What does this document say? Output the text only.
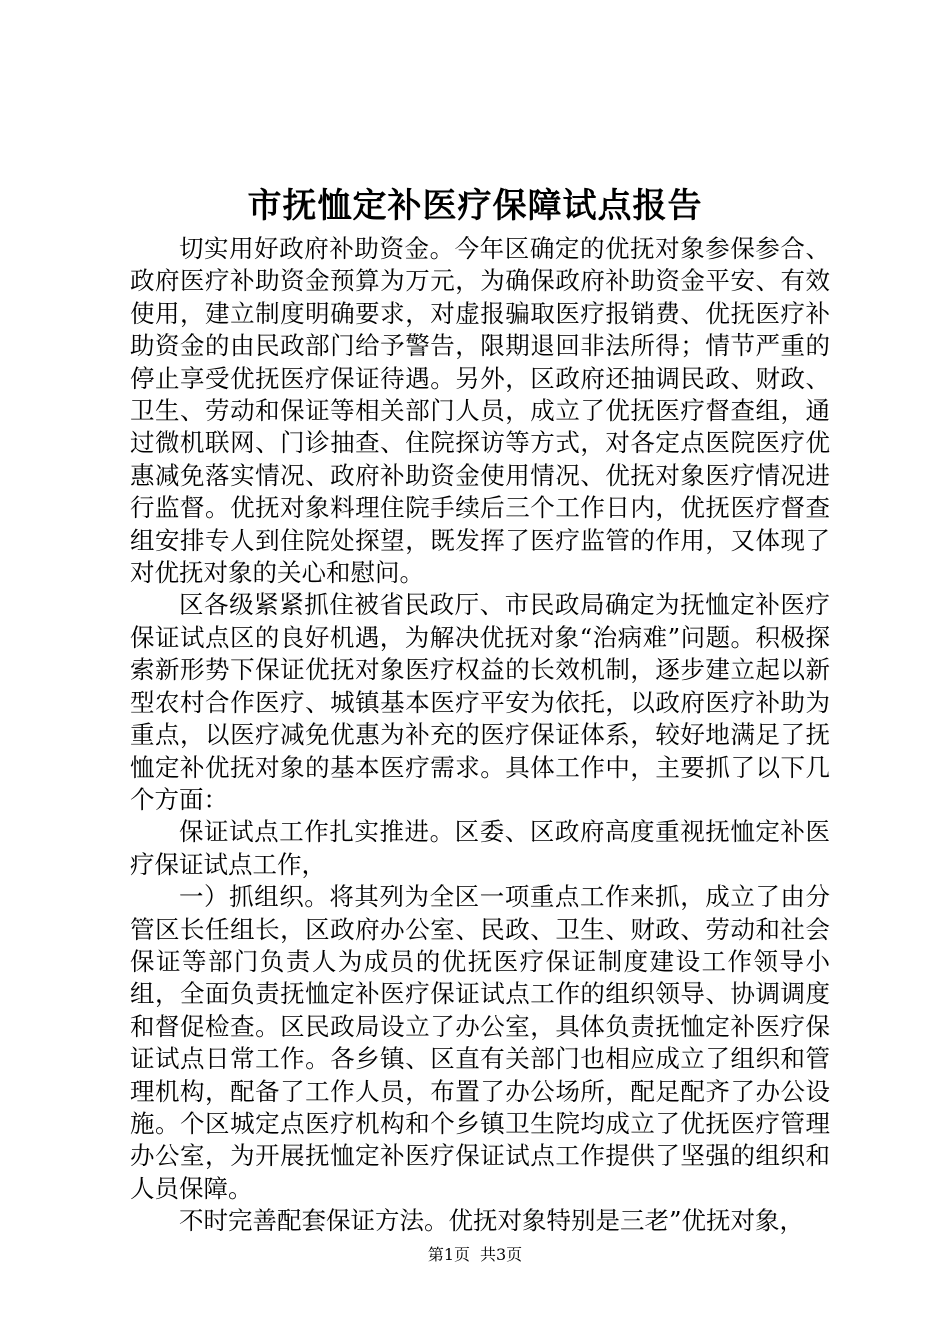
市抚恤定补医疗保障试点报告

切实用好政府补助资金。今年区确定的优抚对象参保参合、政府医疗补助资金预算为万元，为确保政府补助资金平安、有效使用，建立制度明确要求，对虚报骗取医疗报销费、优抚医疗补助资金的由民政部门给予警告，限期退回非法所得；情节严重的停止享受优抚医疗保证待遇。另外，区政府还抽调民政、财政、卫生、劳动和保证等相关部门人员，成立了优抚医疗督查组，通过微机联网、门诊抽查、住院探访等方式，对各定点医院医疗优惠减免落实情况、政府补助资金使用情况、优抚对象医疗情况进行监督。优抚对象料理住院手续后三个工作日内，优抚医疗督查组安排专人到住院处探望，既发挥了医疗监管的作用，又体现了对优抚对象的关心和慰问。

区各级紧紧抓住被省民政厅、市民政局确定为抚恤定补医疗保证试点区的良好机遇，为解决优抚对象“治病难”问题。积极探索新形势下保证优抚对象医疗权益的长效机制，逐步建立起以新型农村合作医疗、城镇基本医疗平安为依托，以政府医疗补助为重点，以医疗减免优惠为补充的医疗保证体系，较好地满足了抚恤定补优抚对象的基本医疗需求。具体工作中，主要抓了以下几个方面：

保证试点工作扎实推进。区委、区政府高度重视抚恤定补医疗保证试点工作，

一）抓组织。将其列为全区一项重点工作来抓，成立了由分管区长任组长，区政府办公室、民政、卫生、财政、劳动和社会保证等部门负责人为成员的优抚医疗保证制度建设工作领导小组，全面负责抚恤定补医疗保证试点工作的组织领导、协调调度和督促检查。区民政局设立了办公室，具体负责抚恤定补医疗保证试点日常工作。各乡镇、区直有关部门也相应成立了组织和管理机构，配备了工作人员，布置了办公场所，配足配齐了办公设施。个区城定点医疗机构和个乡镇卫生院均成立了优抚医疗管理办公室，为开展抚恤定补医疗保证试点工作提供了坚强的组织和人员保障。

不时完善配套保证方法。优抚对象特别是三老”优抚对象，

第1页 共3页
